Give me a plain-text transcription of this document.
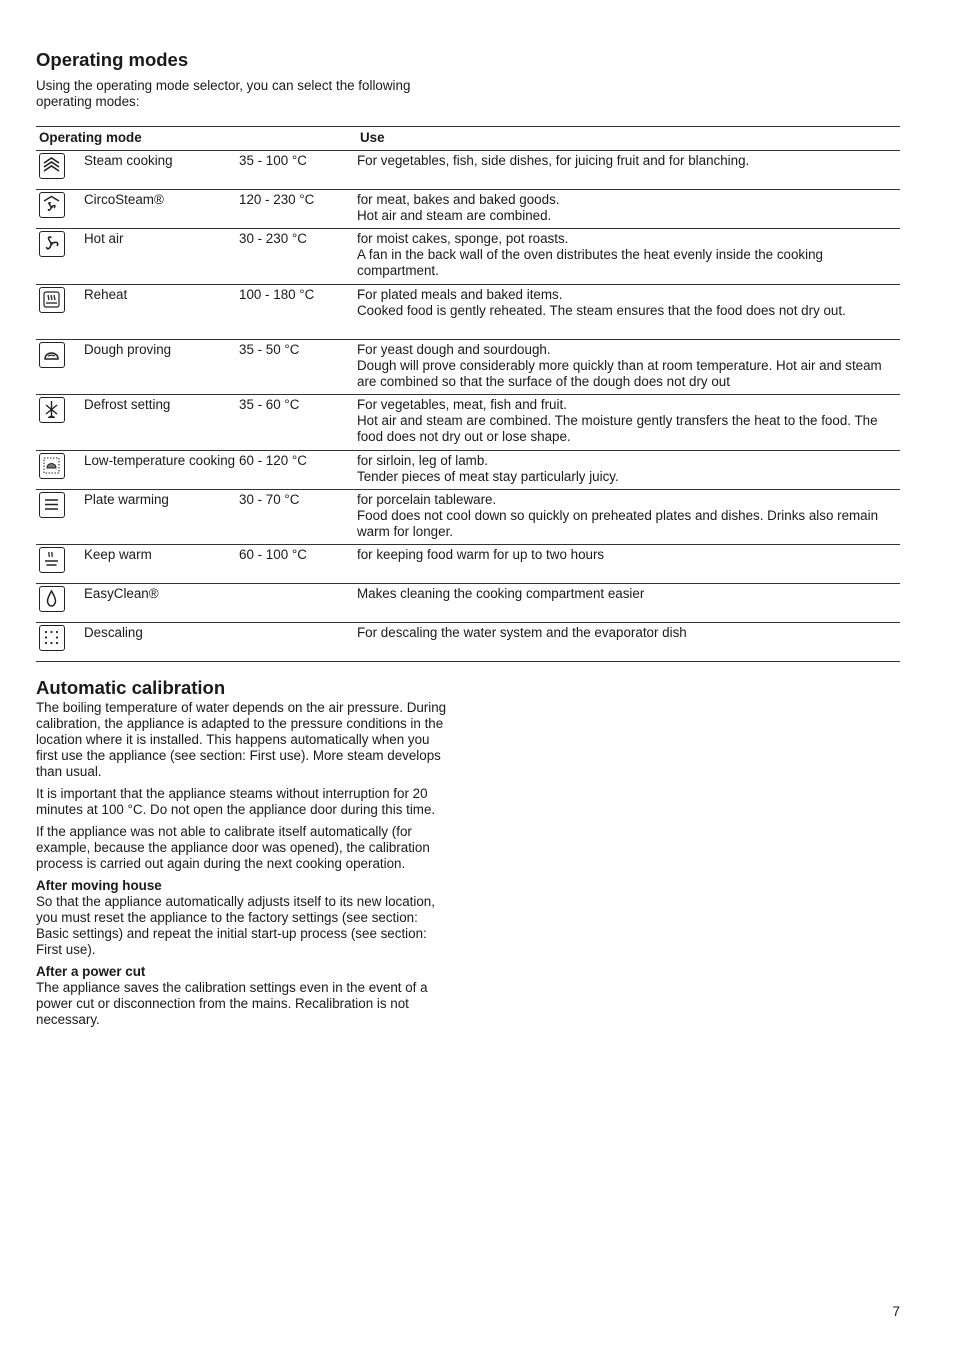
Operating modes

Using the operating mode selector, you can select the following operating modes:

Operating mode			Use

	Steam cooking	35 - 100 °C	For vegetables, fish, side dishes, for juicing fruit and for blanching.

	CircoSteam®	120 - 230 °C	for meat, bakes and baked goods.
Hot air and steam are combined.

	Hot air	30 - 230 °C	for moist cakes, sponge, pot roasts.
A fan in the back wall of the oven distributes the heat evenly inside the cooking compartment.

	Reheat	100 - 180 °C	For plated meals and baked items.
Cooked food is gently reheated. The steam ensures that the food does not dry out.

	Dough proving	35 - 50 °C	For yeast dough and sourdough.
Dough will prove considerably more quickly than at room temperature. Hot air and steam are combined so that the surface of the dough does not dry out

	Defrost setting	35 - 60 °C	For vegetables, meat, fish and fruit.
Hot air and steam are combined. The moisture gently transfers the heat to the food. The food does not dry out or lose shape.

	Low-temperature cooking	60 - 120 °C	for sirloin, leg of lamb.
Tender pieces of meat stay particularly juicy.

	Plate warming	30 - 70 °C	for porcelain tableware.
Food does not cool down so quickly on preheated plates and dishes. Drinks also remain warm for longer.

	Keep warm	60 - 100 °C	for keeping food warm for up to two hours

	EasyClean®		Makes cleaning the cooking compartment easier

	Descaling		For descaling the water system and the evaporator dish
Automatic calibration

The boiling temperature of water depends on the air pressure. During calibration, the appliance is adapted to the pressure conditions in the location where it is installed. This happens automatically when you first use the appliance (see section: First use). More steam develops than usual.

It is important that the appliance steams without interruption for 20 minutes at 100 °C. Do not open the appliance door during this time.

If the appliance was not able to calibrate itself automatically (for example, because the appliance door was opened), the calibration process is carried out again during the next cooking operation.

After moving house

So that the appliance automatically adjusts itself to its new location, you must reset the appliance to the factory settings (see section: Basic settings) and repeat the initial start-up process (see section: First use).

After a power cut

The appliance saves the calibration settings even in the event of a power cut or disconnection from the mains. Recalibration is not necessary.

7
